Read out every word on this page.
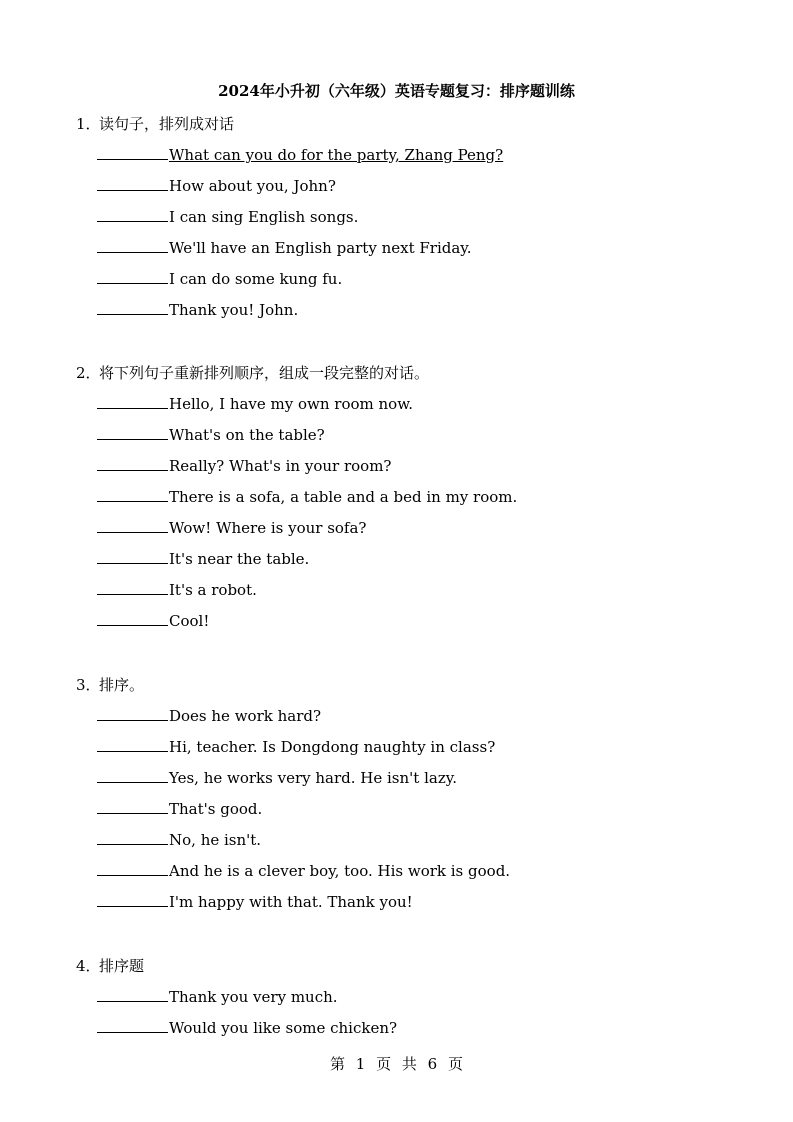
2024年小升初（六年级）英语专题复习：排序题训练
1．读句子，排列成对话
What can you do for the party, Zhang Peng?
How about you, John?
I can sing English songs.
We'll have an English party next Friday.
I can do some kung fu.
Thank you! John.
2．将下列句子重新排列顺序，组成一段完整的对话。
Hello, I have my own room now.
What's on the table?
Really? What's in your room?
There is a sofa, a table and a bed in my room.
Wow! Where is your sofa?
It's near the table.
It's a robot.
Cool!
3．排序。
Does he work hard?
Hi, teacher. Is Dongdong naughty in class?
Yes, he works very hard. He isn't lazy.
That's good.
No, he isn't.
And he is a clever boy, too. His work is good.
I'm happy with that. Thank you!
4．排序题
Thank you very much.
Would you like some chicken?
第 1 页 共 6 页
